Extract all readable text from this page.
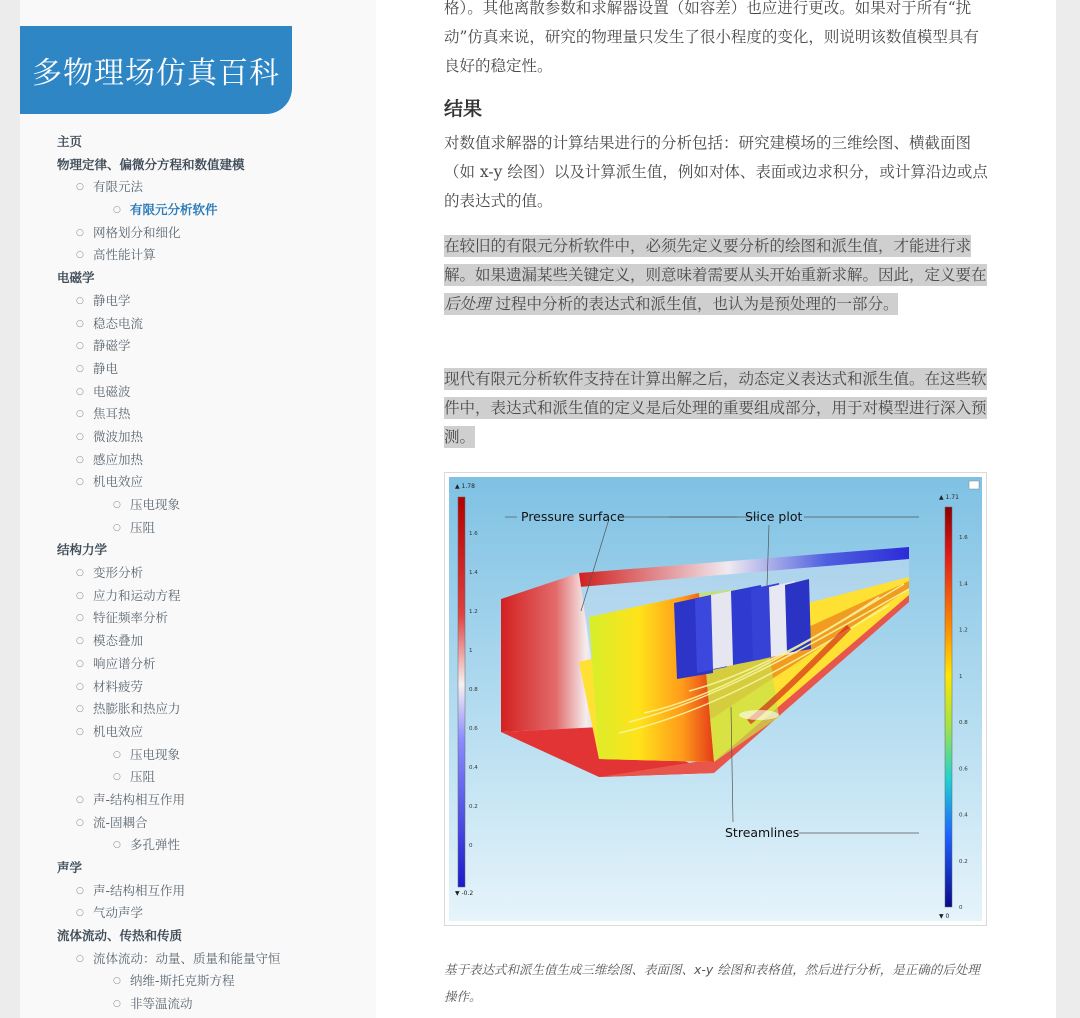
多物理场仿真百科
主页
物理定律、偏微分方程和数值建模
○ 有限元法
○ 有限元分析软件
○ 网格划分和细化
○ 高性能计算
电磁学
○ 静电学
○ 稳态电流
○ 静磁学
○ 静电
○ 电磁波
○ 焦耳热
○ 微波加热
○ 感应加热
○ 机电效应
○ 压电现象
○ 压阻
结构力学
○ 变形分析
○ 应力和运动方程
○ 特征频率分析
○ 模态叠加
○ 响应谱分析
○ 材料疲劳
○ 热膨胀和热应力
○ 机电效应
○ 压电现象
○ 压阻
○ 声-结构相互作用
○ 流-固耦合
○ 多孔弹性
声学
○ 声-结构相互作用
○ 气动声学
流体流动、传热和传质
○ 流体流动：动量、质量和能量守恒
○ 纳维-斯托克斯方程
○ 非等温流动

格）。其他离散参数和求解器设置（如容差）也应进行更改。如果对于所有“扰动”仿真来说，研究的物理量只发生了很小程度的变化，则说明该数值模型具有良好的稳定性。

结果

对数值求解器的计算结果进行的分析包括：研究建模场的三维绘图、横截面图（如 x-y 绘图）以及计算派生值，例如对体、表面或边求积分，或计算沿边或点的表达式的值。

在较旧的有限元分析软件中，必须先定义要分析的绘图和派生值，才能进行求解。如果遗漏某些关键定义，则意味着需要从头开始重新求解。因此，定义要在后处理 过程中分析的表达式和派生值，也认为是预处理的一部分。

现代有限元分析软件支持在计算出解之后，动态定义表达式和派生值。在这些软件中，表达式和派生值的定义是后处理的重要组成部分，用于对模型进行深入预测。

▲ 1.78
▼ -0.2
1.6
1.4
1.2
1
0.8
0.6
0.4
0.2
0
▲ 1.71
▼ 0
1.6
1.4
1.2
1
0.8
0.6
0.4
0.2
0
Pressure surface	Slice plot
Streamlines
基于表达式和派生值生成三维绘图、表面图、x-y 绘图和表格值，然后进行分析，是正确的后处理操作。
